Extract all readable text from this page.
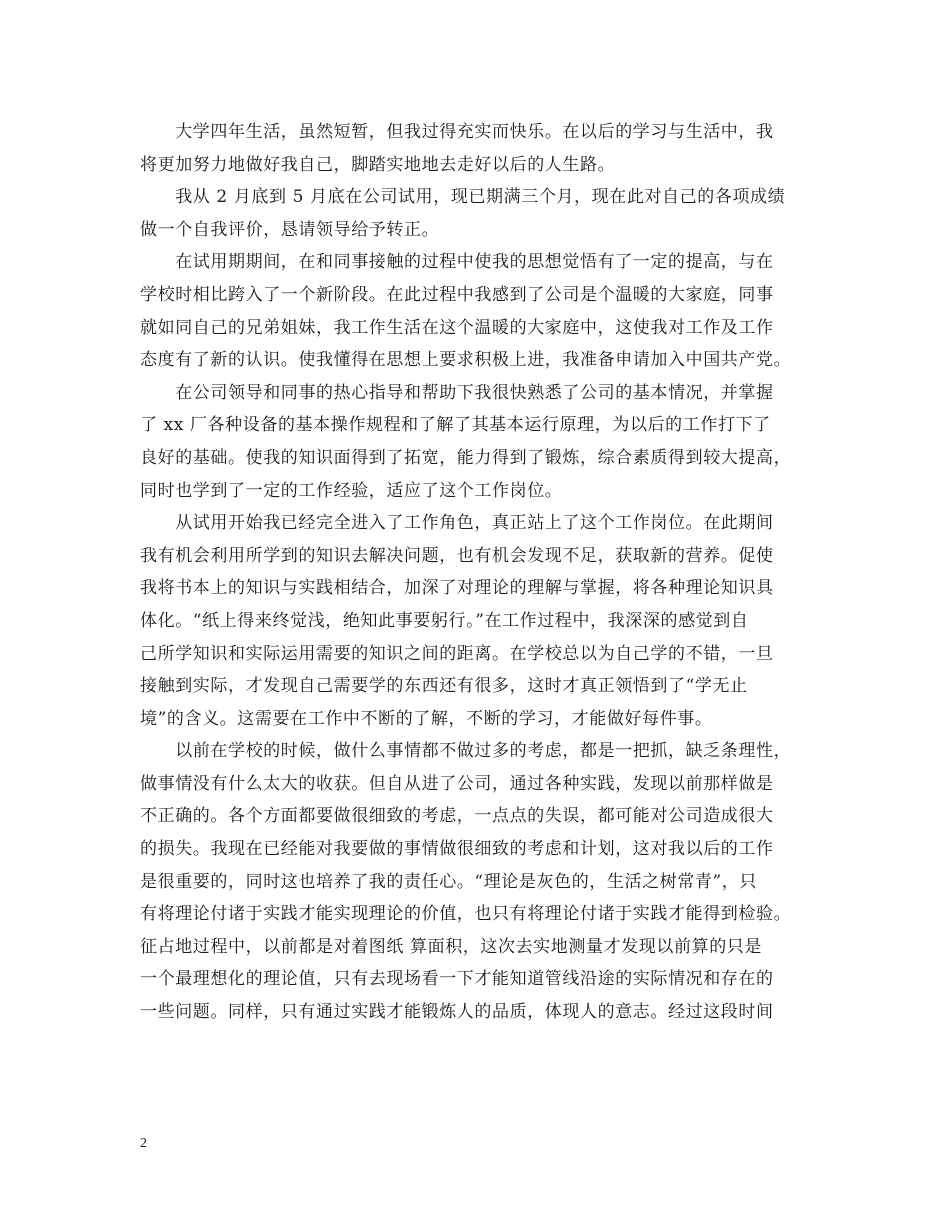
　　大学四年生活，虽然短暂，但我过得充实而快乐。在以后的学习与生活中，我
将更加努力地做好我自己，脚踏实地地去走好以后的人生路。
　　我从 2 月底到 5 月底在公司试用，现已期满三个月，现在此对自己的各项成绩
做一个自我评价，恳请领导给予转正。
　　在试用期期间，在和同事接触的过程中使我的思想觉悟有了一定的提高，与在
学校时相比跨入了一个新阶段。在此过程中我感到了公司是个温暖的大家庭，同事
就如同自己的兄弟姐妹，我工作生活在这个温暖的大家庭中，这使我对工作及工作
态度有了新的认识。使我懂得在思想上要求积极上进，我准备申请加入中国共产党。
　　在公司领导和同事的热心指导和帮助下我很快熟悉了公司的基本情况，并掌握
了 xx 厂各种设备的基本操作规程和了解了其基本运行原理，为以后的工作打下了
良好的基础。使我的知识面得到了拓宽，能力得到了锻炼，综合素质得到较大提高，
同时也学到了一定的工作经验，适应了这个工作岗位。
　　从试用开始我已经完全进入了工作角色，真正站上了这个工作岗位。在此期间
我有机会利用所学到的知识去解决问题，也有机会发现不足，获取新的营养。促使
我将书本上的知识与实践相结合，加深了对理论的理解与掌握，将各种理论知识具
体化。“纸上得来终觉浅，绝知此事要躬行。”在工作过程中，我深深的感觉到自
己所学知识和实际运用需要的知识之间的距离。在学校总以为自己学的不错，一旦
接触到实际，才发现自己需要学的东西还有很多，这时才真正领悟到了“学无止
境”的含义。这需要在工作中不断的了解，不断的学习，才能做好每件事。
　　以前在学校的时候，做什么事情都不做过多的考虑，都是一把抓，缺乏条理性，
做事情没有什么太大的收获。但自从进了公司，通过各种实践，发现以前那样做是
不正确的。各个方面都要做很细致的考虑，一点点的失误，都可能对公司造成很大
的损失。我现在已经能对我要做的事情做很细致的考虑和计划，这对我以后的工作
是很重要的，同时这也培养了我的责任心。“理论是灰色的，生活之树常青”，只
有将理论付诸于实践才能实现理论的价值，也只有将理论付诸于实践才能得到检验。
征占地过程中，以前都是对着图纸 算面积，这次去实地测量才发现以前算的只是
一个最理想化的理论值，只有去现场看一下才能知道管线沿途的实际情况和存在的
一些问题。同样，只有通过实践才能锻炼人的品质，体现人的意志。经过这段时间
2
